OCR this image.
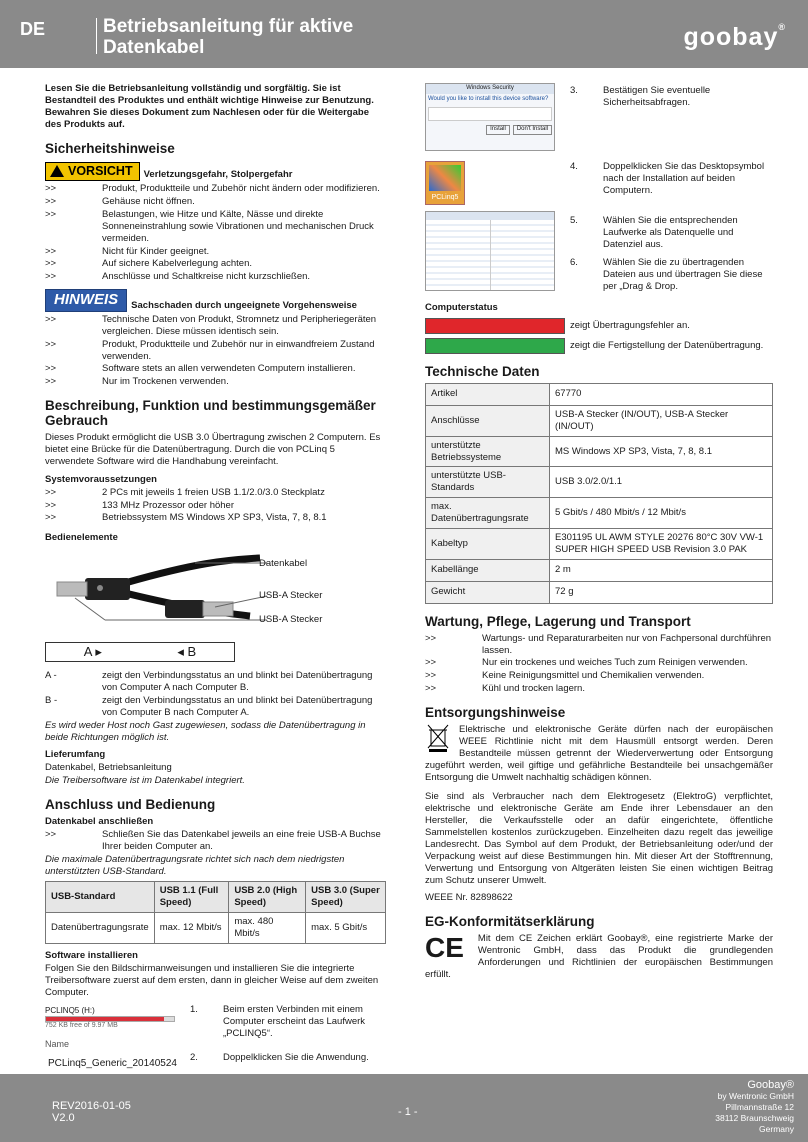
DE	Betriebsanleitung für aktive Datenkabel	goobay®

Lesen Sie die Betriebsanleitung vollständig und sorgfältig. Sie ist Bestandteil des Produktes und enthält wichtige Hinweise zur Benutzung. Bewahren Sie dieses Dokument zum Nachlesen oder für die Weitergabe des Produkts auf.

Sicherheitshinweise
VORSICHT	Verletzungsgefahr, Stolpergefahr
>>	Produkt, Produktteile und Zubehör nicht ändern oder modifizieren.
>>	Gehäuse nicht öffnen.
>>	Belastungen, wie Hitze und Kälte, Nässe und direkte Sonneneinstrahlung sowie Vibrationen und mechanischen Druck vermeiden.
>>	Nicht für Kinder geeignet.
>>	Auf sichere Kabelverlegung achten.
>>	Anschlüsse und Schaltkreise nicht kurzschließen.
HINWEIS	Sachschaden durch ungeeignete Vorgehensweise
>>	Technische Daten von Produkt, Stromnetz und Peripheriegeräten vergleichen. Diese müssen identisch sein.
>>	Produkt, Produktteile und Zubehör nur in einwandfreiem Zustand verwenden.
>>	Software stets an allen verwendeten Computern installieren.
>>	Nur im Trockenen verwenden.
Beschreibung, Funktion und bestimmungsgemäßer Gebrauch

Dieses Produkt ermöglicht die USB 3.0 Übertragung zwischen 2 Computern. Es bietet eine Brücke für die Datenübertragung. Durch die von PCLinq 5 verwendete Software wird die Handhabung vereinfacht.

Systemvoraussetzungen

>>	2 PCs mit jeweils 1 freien USB 1.1/2.0/3.0 Steckplatz
>>	133 MHz Prozessor oder höher
>>	Betriebssystem MS Windows XP SP3, Vista, 7, 8, 8.1

Bedienelemente

Datenkabel
USB-A Stecker
USB-A Stecker
A ▸	◂ B
A -	zeigt den Verbindungsstatus an und blinkt bei Datenübertragung von Computer A nach Computer B.
B -	zeigt den Verbindungsstatus an und blinkt bei Datenübertragung von Computer B nach Computer A.

Es wird weder Host noch Gast zugewiesen, sodass die Datenübertragung in beide Richtungen möglich ist.

Lieferumfang

Datenkabel, Betriebsanleitung

Die Treibersoftware ist im Datenkabel integriert.

Anschluss und Bedienung

Datenkabel anschließen

>>	Schließen Sie das Datenkabel jeweils an eine freie USB-A Buchse Ihrer beiden Computer an.

Die maximale Datenübertragungsrate richtet sich nach dem niedrigsten unterstützten USB-Standard.

USB-Standard	USB 1.1 (Full Speed)	USB 2.0 (High Speed)	USB 3.0 (Super Speed)
Datenübertragungsrate	max. 12 Mbit/s	max. 480 Mbit/s	max. 5 Gbit/s

Software installieren

Folgen Sie den Bildschirmanweisungen und installieren Sie die integrierte Treibersoftware zuerst auf dem ersten, dann in gleicher Weise auf dem zweiten Computer.

PCLINQ5 (H:)
752 KB free of 9.97 MB
Name
PCLinq5_Generic_20140524
1.	Beim ersten Verbinden mit einem Computer erscheint das Laufwerk „PCLINQ5“.
2.	Doppelklicken Sie die Anwendung.
Windows Security
Would you like to install this device software?
Install	Don't Install
PCLinq5
3.	Bestätigen Sie eventuelle Sicherheitsabfragen.
4.	Doppelklicken Sie das Desktopsymbol nach der Installation auf beiden Computern.
5.	Wählen Sie die entsprechenden Laufwerke als Datenquelle und Datenziel aus.
6.	Wählen Sie die zu übertragenden Dateien aus und übertragen Sie diese per „Drag & Drop.

Computerstatus

zeigt Übertragungsfehler an.
zeigt die Fertigstellung der Datenübertragung.
Technische Daten
Artikel	67770
Anschlüsse	USB-A Stecker (IN/OUT), USB-A Stecker (IN/OUT)
unterstützte Betriebssysteme	MS Windows XP SP3, Vista, 7, 8, 8.1
unterstützte USB-Standards	USB 3.0/2.0/1.1
max. Datenübertragungsrate	5 Gbit/s / 480 Mbit/s / 12 Mbit/s
Kabeltyp	E301195 UL AWM STYLE 20276 80°C 30V VW-1 SUPER HIGH SPEED USB Revision 3.0 PAK
Kabellänge	2 m
Gewicht	72 g
Wartung, Pflege, Lagerung und Transport
>>	Wartungs- und Reparaturarbeiten nur von Fachpersonal durchführen lassen.
>>	Nur ein trockenes und weiches Tuch zum Reinigen verwenden.
>>	Keine Reinigungsmittel und Chemikalien verwenden.
>>	Kühl und trocken lagern.
Entsorgungshinweise

Elektrische und elektronische Geräte dürfen nach der europäischen WEEE Richtlinie nicht mit dem Hausmüll entsorgt werden. Deren Bestandteile müssen getrennt der Wiederverwertung oder Entsorgung zugeführt werden, weil giftige und gefährliche Bestandteile bei unsachgemäßer Entsorgung die Umwelt nachhaltig schädigen können.

Sie sind als Verbraucher nach dem Elektrogesetz (ElektroG) verpflichtet, elektrische und elektronische Geräte am Ende ihrer Lebensdauer an den Hersteller, die Verkaufsstelle oder an dafür eingerichtete, öffentliche Sammelstellen kostenlos zurückzugeben. Einzelheiten dazu regelt das jeweilige Landesrecht. Das Symbol auf dem Produkt, der Betriebsanleitung oder/und der Verpackung weist auf diese Bestimmungen hin. Mit dieser Art der Stofftrennung, Verwertung und Entsorgung von Altgeräten leisten Sie einen wichtigen Beitrag zum Schutz unserer Umwelt.

WEEE Nr. 82898622

EG-Konformitätserklärung
CE	Mit dem CE Zeichen erklärt Goobay®, eine registrierte Marke der Wentronic GmbH, dass das Produkt die grundlegenden Anforderungen und Richtlinien der europäischen Bestimmungen erfüllt.

REV2016-01-05
V2.0	- 1 -
Goobay®
by Wentronic GmbH
Pillmannstraße 12
38112 Braunschweig
Germany
